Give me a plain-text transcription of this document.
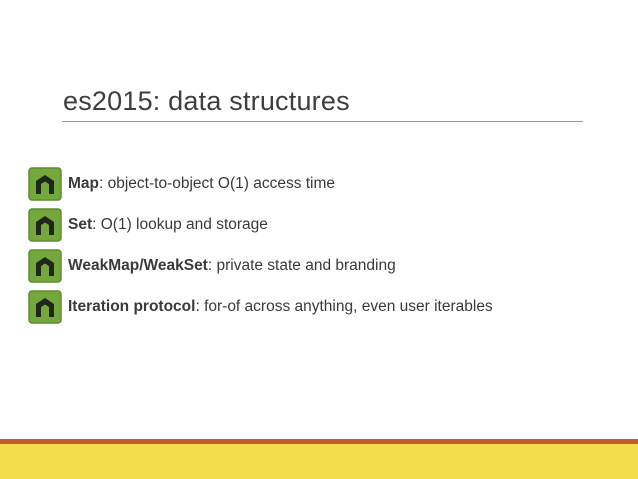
es2015: data structures
Map: object-to-object O(1) access time
Set: O(1) lookup and storage
WeakMap/WeakSet: private state and branding
Iteration protocol: for-of across anything, even user iterables
